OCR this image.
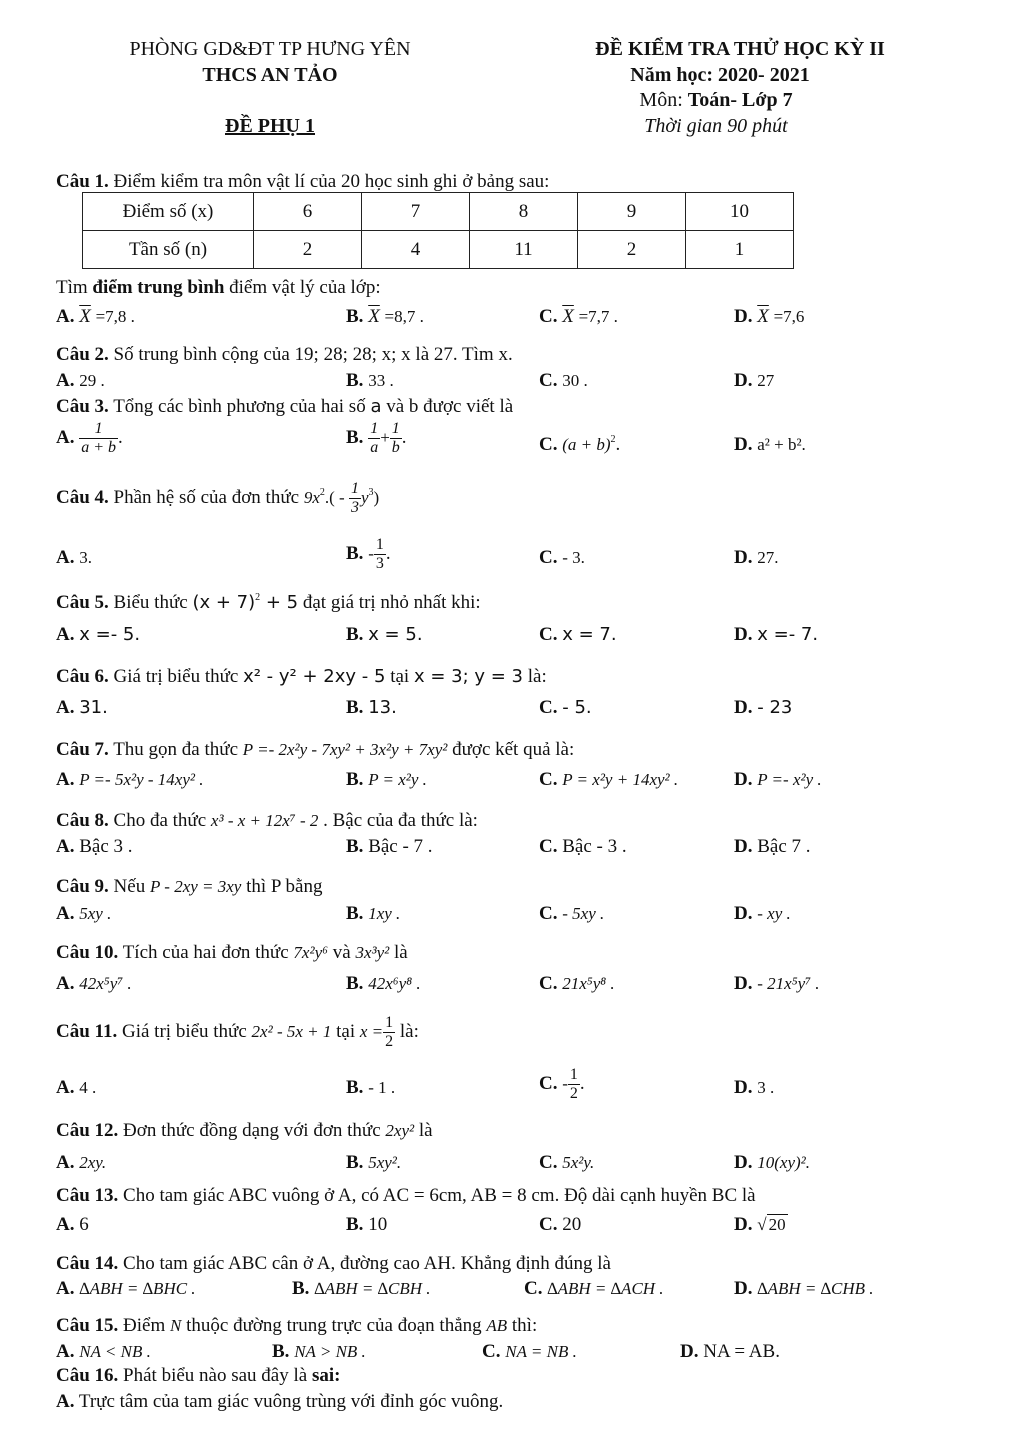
PHÒNG GD&ĐT TP HƯNG YÊN
THCS AN TẢO
ĐỀ PHỤ 1
ĐỀ KIỂM TRA THỬ HỌC KỲ II
Năm học: 2020- 2021
Môn: Toán- Lớp 7
Thời gian 90 phút
Câu 1. Điểm kiểm tra môn vật lí của 20 học sinh ghi ở bảng sau:
Điểm số (x)	6	7	8	9	10
Tần số (n)	2	4	11	2	1
Tìm điểm trung bình điểm vật lý của lớp:
A. $\overline{X} =7,8$ .	B. $\overline{X} =8,7$ .	C. $\overline{X} =7,7$ .	D. $\overline{X} =7,6$
Câu 2. Số trung bình cộng của 19; 28; 28; x; x là 27. Tìm x.
A. 29 .	B. 33 .	C. 30 .	D. 27
Câu 3. Tổng các bình phương của hai số a và b được viết là
A. $\frac{1}{a + b}$ .	B. $\frac{1}{a} + \frac{1}{b}$ .	C. $(a + b)^2$.	D. a² + b².
Câu 4. Phần hệ số của đơn thức $9x^2.( - \frac{1}{3} y^3)$
A. 3.	B. - $\frac{1}{3}$ .	C. - 3.	D. 27.
Câu 5. Biểu thức $(x + 7)^2 + 5$ đạt giá trị nhỏ nhất khi:
A. x =- 5.	B. x = 5.	C. x = 7.	D. x =- 7.
Câu 6. Giá trị biểu thức x² - y² + 2xy - 5 tại x = 3; y = 3 là:
A. 31.	B. 13.	C. - 5.	D. - 23
Câu 7. Thu gọn đa thức P =- 2x²y - 7xy² + 3x²y + 7xy² được kết quả là:
A. P =- 5x²y - 14xy² .	B. P = x²y .	C. P = x²y + 14xy² .	D. P =- x²y .
Câu 8. Cho đa thức x³ - x + 12x⁷ - 2 . Bậc của đa thức là:
A. Bậc 3 .	B. Bậc - 7 .	C. Bậc - 3 .	D. Bậc 7 .
Câu 9. Nếu P - 2xy = 3xy thì P bằng
A. 5xy .	B. 1xy .	C. - 5xy .	D. - xy .
Câu 10. Tích của hai đơn thức 7x²y⁶ và 3x³y² là
A. 42x⁵y⁷ .	B. 42x⁶y⁸ .	C. 21x⁵y⁸ .	D. - 21x⁵y⁷ .
Câu 11. Giá trị biểu thức 2x² - 5x + 1 tại $x = \frac{1}{2}$ là:
A. 4 .	B. - 1 .	C. - $\frac{1}{2}$ .	D. 3 .
Câu 12. Đơn thức đồng dạng với đơn thức 2xy² là
A. 2xy.	B. 5xy².	C. 5x²y.	D. 10(xy)².
Câu 13. Cho tam giác ABC vuông ở A, có AC = 6cm, AB = 8 cm. Độ dài cạnh huyền BC là
A. 6	B. 10	C. 20	D. √ 20
Câu 14. Cho tam giác ABC cân ở A, đường cao AH. Khẳng định đúng là
A. ∆ABH = ∆BHC .	B. ∆ABH = ∆CBH .	C. ∆ABH = ∆ACH .	D. ∆ABH = ∆CHB .
Câu 15. Điểm N thuộc đường trung trực của đoạn thẳng AB thì:
A. NA < NB .	B. NA > NB .	C. NA = NB .	D. NA = AB.
Câu 16. Phát biểu nào sau đây là sai:
A. Trực tâm của tam giác vuông trùng với đỉnh góc vuông.
